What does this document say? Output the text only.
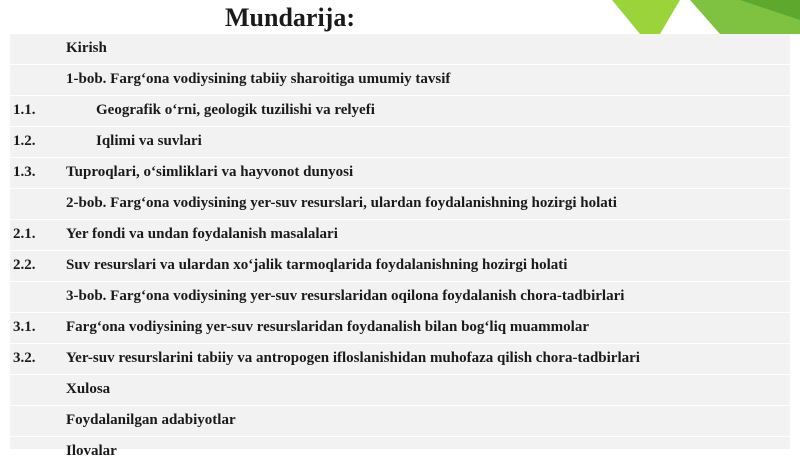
Mundarija:
Kirish
1-bob. Farg‘ona vodiysining tabiiy sharoitiga umumiy tavsif
1.1.	Geografik o‘rni, geologik tuzilishi va relyefi
1.2.	Iqlimi va suvlari
1.3. Tuproqlari, o‘simliklari va hayvonot dunyosi
2-bob. Farg‘ona vodiysining yer-suv resurslari, ulardan foydalanishning hozirgi holati
2.1. Yer fondi va undan foydalanish masalalari
2.2. Suv resurslari va ulardan xo‘jalik tarmoqlarida foydalanishning hozirgi holati
3-bob. Farg‘ona vodiysining yer-suv resurslaridan oqilona foydalanish chora-tadbirlari
3.1. Farg‘ona vodiysining yer-suv resurslaridan foydanalish bilan bog‘liq muammolar
3.2. Yer-suv resurslarini tabiiy va antropogen ifloslanishidan muhofaza qilish chora-tadbirlari
Xulosa
Foydalanilgan adabiyotlar
Ilovalar
